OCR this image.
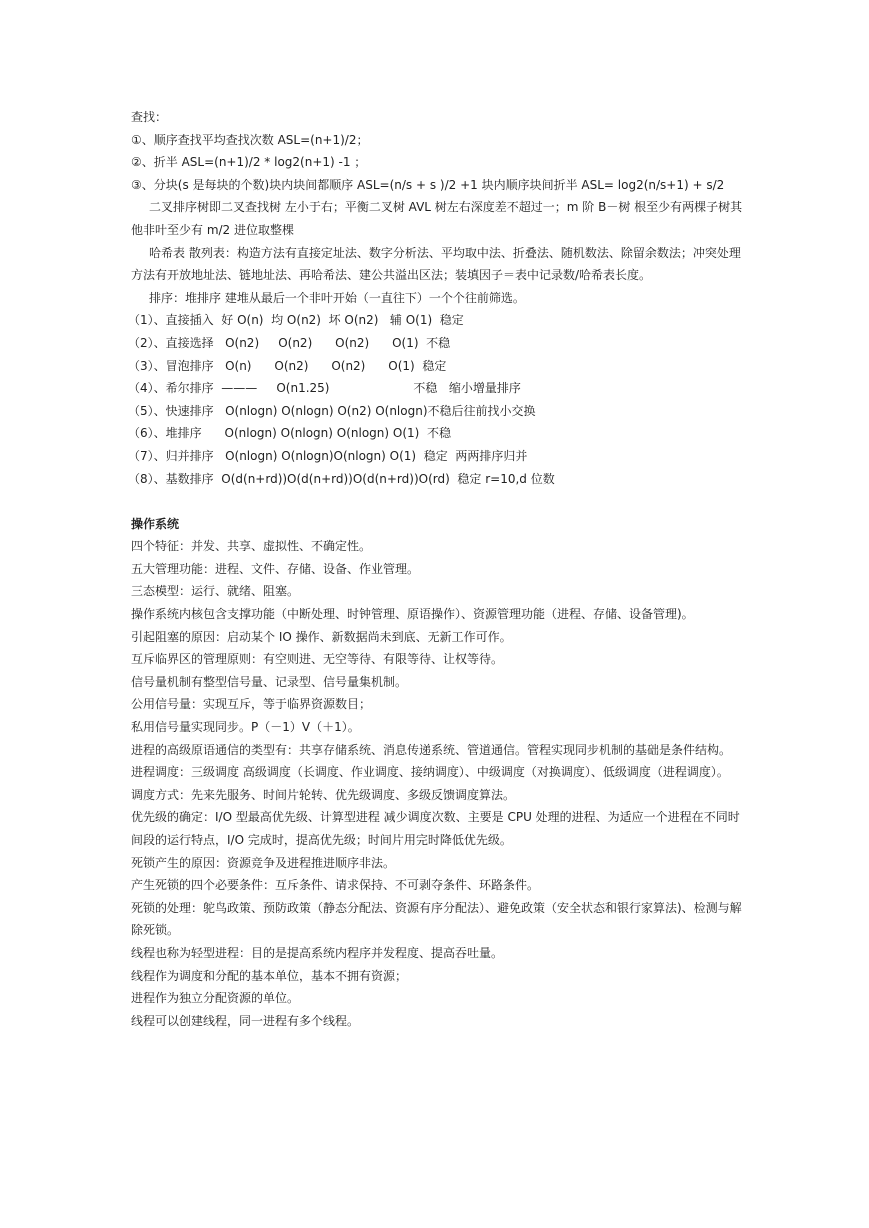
查找：
①、顺序查找平均查找次数 ASL=(n+1)/2；
②、折半 ASL=(n+1)/2 * log2(n+1) -1 ；
③、分块(s 是每块的个数)块内块间都顺序 ASL=(n/s + s )/2 +1 块内顺序块间折半 ASL= log2(n/s+1) + s/2
二叉排序树即二叉查找树 左小于右；平衡二叉树 AVL 树左右深度差不超过一；m 阶 B－树 根至少有两棵子树其他非叶至少有 m/2 进位取整棵
哈希表 散列表：构造方法有直接定址法、数字分析法、平均取中法、折叠法、随机数法、除留余数法；冲突处理方法有开放地址法、链地址法、再哈希法、建公共溢出区法；装填因子＝表中记录数/哈希表长度。
排序：堆排序 建堆从最后一个非叶开始（一直往下）一个个往前筛选。
（1）、直接插入  好 O(n)  均 O(n2)  坏 O(n2)   辅 O(1)  稳定
（2）、直接选择   O(n2)     O(n2)      O(n2)      O(1)  不稳
（3）、冒泡排序   O(n)      O(n2)      O(n2)      O(1)  稳定
（4）、希尔排序  ———     O(n1.25)                      不稳   缩小增量排序
（5）、快速排序   O(nlogn) O(nlogn) O(n2) O(nlogn)不稳后往前找小交换
（6）、堆排序      O(nlogn) O(nlogn) O(nlogn) O(1)  不稳
（7）、归并排序   O(nlogn) O(nlogn)O(nlogn) O(1)  稳定  两两排序归并
（8）、基数排序  O(d(n+rd))O(d(n+rd))O(d(n+rd))O(rd)  稳定 r=10,d 位数
操作系统
四个特征：并发、共享、虚拟性、不确定性。
五大管理功能：进程、文件、存储、设备、作业管理。
三态模型：运行、就绪、阻塞。
操作系统内核包含支撑功能（中断处理、时钟管理、原语操作）、资源管理功能（进程、存储、设备管理)。
引起阻塞的原因：启动某个 IO 操作、新数据尚未到底、无新工作可作。
互斥临界区的管理原则：有空则进、无空等待、有限等待、让权等待。
信号量机制有整型信号量、记录型、信号量集机制。
公用信号量：实现互斥，等于临界资源数目；
私用信号量实现同步。P（－1）V（＋1）。
进程的高级原语通信的类型有：共享存储系统、消息传递系统、管道通信。管程实现同步机制的基础是条件结构。
进程调度：三级调度 高级调度（长调度、作业调度、接纳调度）、中级调度（对换调度）、低级调度（进程调度）。
调度方式：先来先服务、时间片轮转、优先级调度、多级反馈调度算法。
优先级的确定：I/O 型最高优先级、计算型进程 减少调度次数、主要是 CPU 处理的进程、为适应一个进程在不同时间段的运行特点，I/O 完成时，提高优先级；时间片用完时降低优先级。
死锁产生的原因：资源竞争及进程推进顺序非法。
产生死锁的四个必要条件：互斥条件、请求保持、不可剥夺条件、环路条件。
死锁的处理：鸵鸟政策、预防政策（静态分配法、资源有序分配法）、避免政策（安全状态和银行家算法)、检测与解除死锁。
线程也称为轻型进程：目的是提高系统内程序并发程度、提高吞吐量。
线程作为调度和分配的基本单位，基本不拥有资源；
进程作为独立分配资源的单位。
线程可以创建线程，同一进程有多个线程。
